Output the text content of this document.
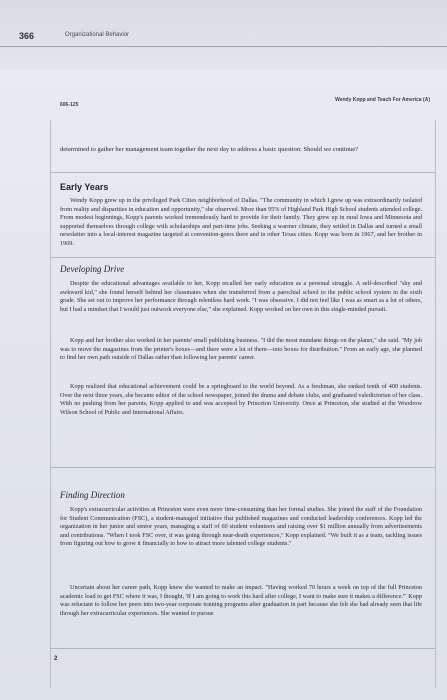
366	Organizational Behavior
606-125
Wendy Kopp and Teach For America (A)
determined to gather her management team together the next day to address a basic question: Should we continue?
Early Years

Wendy Kopp grew up in the privileged Park Cities neighborhood of Dallas. "The community in which I grew up was extraordinarily isolated from reality and disparities in education and opportunity," she observed. More than 95% of Highland Park High School students attended college. From modest beginnings, Kopp's parents worked tremendously hard to provide for their family. They grew up in rural Iowa and Minnesota and supported themselves through college with scholarships and part-time jobs. Seeking a warmer climate, they settled in Dallas and turned a small newsletter into a local-interest magazine targeted at convention-goers there and in other Texas cities. Kopp was born in 1967, and her brother in 1969.

Developing Drive

Despite the educational advantages available to her, Kopp recalled her early education as a personal struggle. A self-described "shy and awkward kid," she found herself behind her classmates when she transferred from a parochial school to the public school system in the sixth grade. She set out to improve her performance through relentless hard work. "I was obsessive. I did not feel like I was as smart as a lot of others, but I had a mindset that I would just outwork everyone else," she explained. Kopp worked on her own in this single-minded pursuit.

Kopp and her brother also worked in her parents' small publishing business. "I did the most mundane things on the planet," she said. "My job was to move the magazines from the printer's boxes—and there were a lot of them—into boxes for distribution." From an early age, she planned to find her own path outside of Dallas rather than following her parents' career.

Kopp realized that educational achievement could be a springboard to the world beyond. As a freshman, she ranked tenth of 400 students. Over the next three years, she became editor of the school newspaper, joined the drama and debate clubs, and graduated valedictorian of her class. With no pushing from her parents, Kopp applied to and was accepted by Princeton University. Once at Princeton, she studied at the Woodrow Wilson School of Public and International Affairs.

Finding Direction

Kopp's extracurricular activities at Princeton were even more time-consuming than her formal studies. She joined the staff of the Foundation for Student Communication (FSC), a student-managed initiative that published magazines and conducted leadership conferences. Kopp led the organization in her junior and senior years, managing a staff of 60 student volunteers and raising over $1 million annually from advertisements and contributions. "When I took FSC over, it was going through near-death experiences," Kopp explained. "We built it as a team, tackling issues from figuring out how to grow it financially to how to attract more talented college students."

Uncertain about her career path, Kopp knew she wanted to make an impact. "Having worked 70 hours a week on top of the full Princeton academic load to get FSC where it was, I thought, 'If I am going to work this hard after college, I want to make sure it makes a difference.'" Kopp was reluctant to follow her peers into two-year corporate training programs after graduation in part because she felt she had already seen that life through her extracurricular experiences. She wanted to pursue

2
